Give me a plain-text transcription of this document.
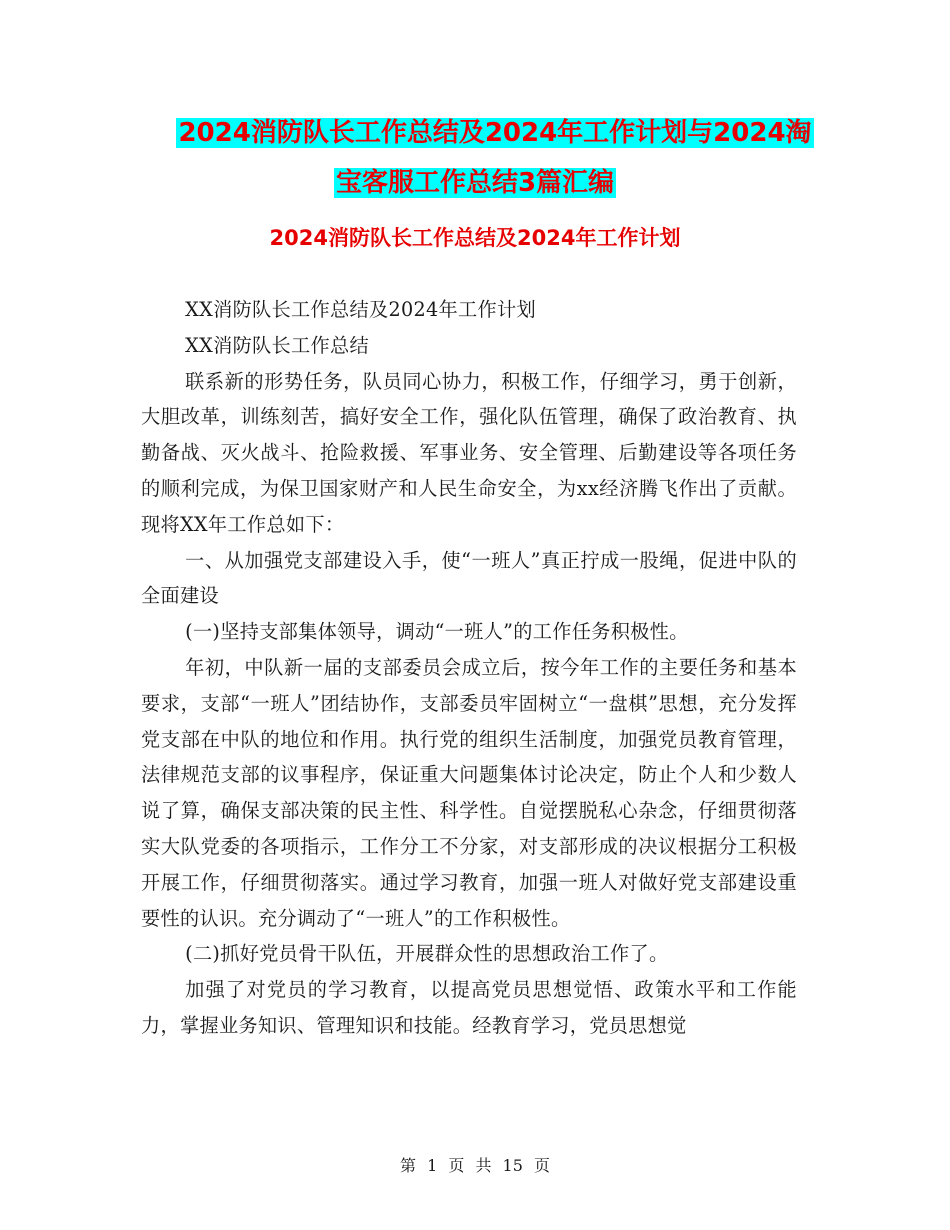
2024消防队长工作总结及2024年工作计划与2024淘
宝客服工作总结3篇汇编
2024消防队长工作总结及2024年工作计划

XX消防队长工作总结及2024年工作计划

XX消防队长工作总结

联系新的形势任务，队员同心协力，积极工作，仔细学习，勇于创新，大胆改革，训练刻苦，搞好安全工作，强化队伍管理，确保了政治教育、执勤备战、灭火战斗、抢险救援、军事业务、安全管理、后勤建设等各项任务的顺利完成，为保卫国家财产和人民生命安全，为xx经济腾飞作出了贡献。现将XX年工作总如下：

一、从加强党支部建设入手，使“一班人”真正拧成一股绳，促进中队的全面建设

(一)坚持支部集体领导，调动“一班人”的工作任务积极性。

年初，中队新一届的支部委员会成立后，按今年工作的主要任务和基本要求，支部“一班人”团结协作，支部委员牢固树立“一盘棋”思想，充分发挥党支部在中队的地位和作用。执行党的组织生活制度，加强党员教育管理，法律规范支部的议事程序，保证重大问题集体讨论决定，防止个人和少数人说了算，确保支部决策的民主性、科学性。自觉摆脱私心杂念，仔细贯彻落实大队党委的各项指示，工作分工不分家，对支部形成的决议根据分工积极开展工作，仔细贯彻落实。通过学习教育，加强一班人对做好党支部建设重要性的认识。充分调动了“一班人”的工作积极性。

(二)抓好党员骨干队伍，开展群众性的思想政治工作了。

加强了对党员的学习教育，以提高党员思想觉悟、政策水平和工作能力，掌握业务知识、管理知识和技能。经教育学习，党员思想觉

第 1 页 共 15 页
